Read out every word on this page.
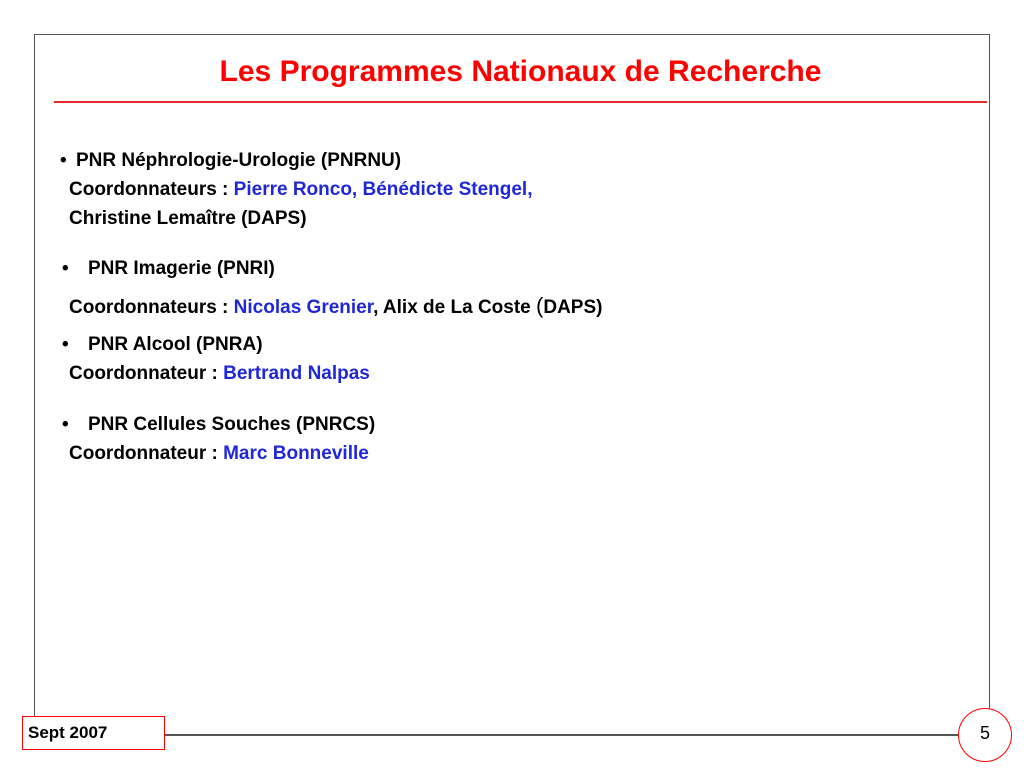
Les Programmes Nationaux de Recherche
• PNR Néphrologie-Urologie (PNRNU)
Coordonnateurs : Pierre Ronco, Bénédicte Stengel,
Christine Lemaître (DAPS)
• PNR Imagerie (PNRI)
Coordonnateurs : Nicolas Grenier, Alix de La Coste (DAPS)
• PNR Alcool (PNRA)
Coordonnateur : Bertrand Nalpas
• PNR Cellules Souches (PNRCS)
Coordonnateur : Marc Bonneville
Sept 2007	5
